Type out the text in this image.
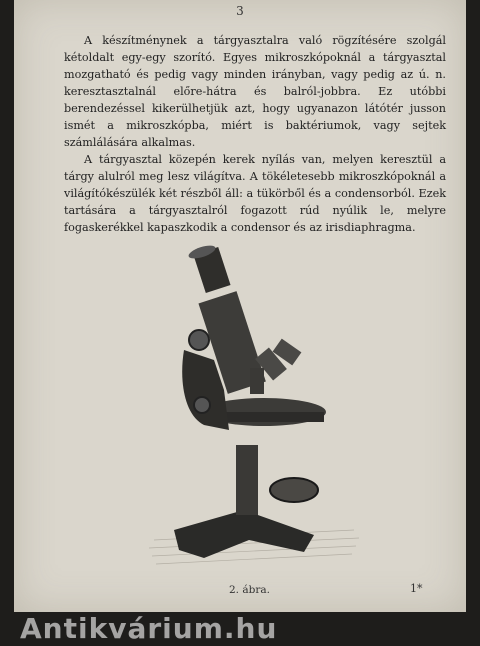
3

A készítménynek a tárgyasztalra való rögzítésére szolgál kétoldalt egy-egy szorító. Egyes mikroszkópoknál a tárgyasztal mozgatható és pedig vagy minden irányban, vagy pedig az ú. n. keresztasztalnál előre-hátra és balról-jobbra. Ez utóbbi berendezéssel kikerülhetjük azt, hogy ugyanazon látótér jusson ismét a mikroszkópba, miért is baktériumok, vagy sejtek számlálására alkalmas.

A tárgyasztal közepén kerek nyílás van, melyen keresztül a tárgy alulról meg lesz világítva. A tökéletesebb mikroszkópoknál a világítókészülék két részből áll: a tükörből és a condensorból. Ezek tartására a tárgyasztalról fogazott rúd nyúlik le, melyre fogaskerékkel kapaszkodik a condensor és az irisdiaphragma.

2. ábra.	1*
Antikvárium.hu
